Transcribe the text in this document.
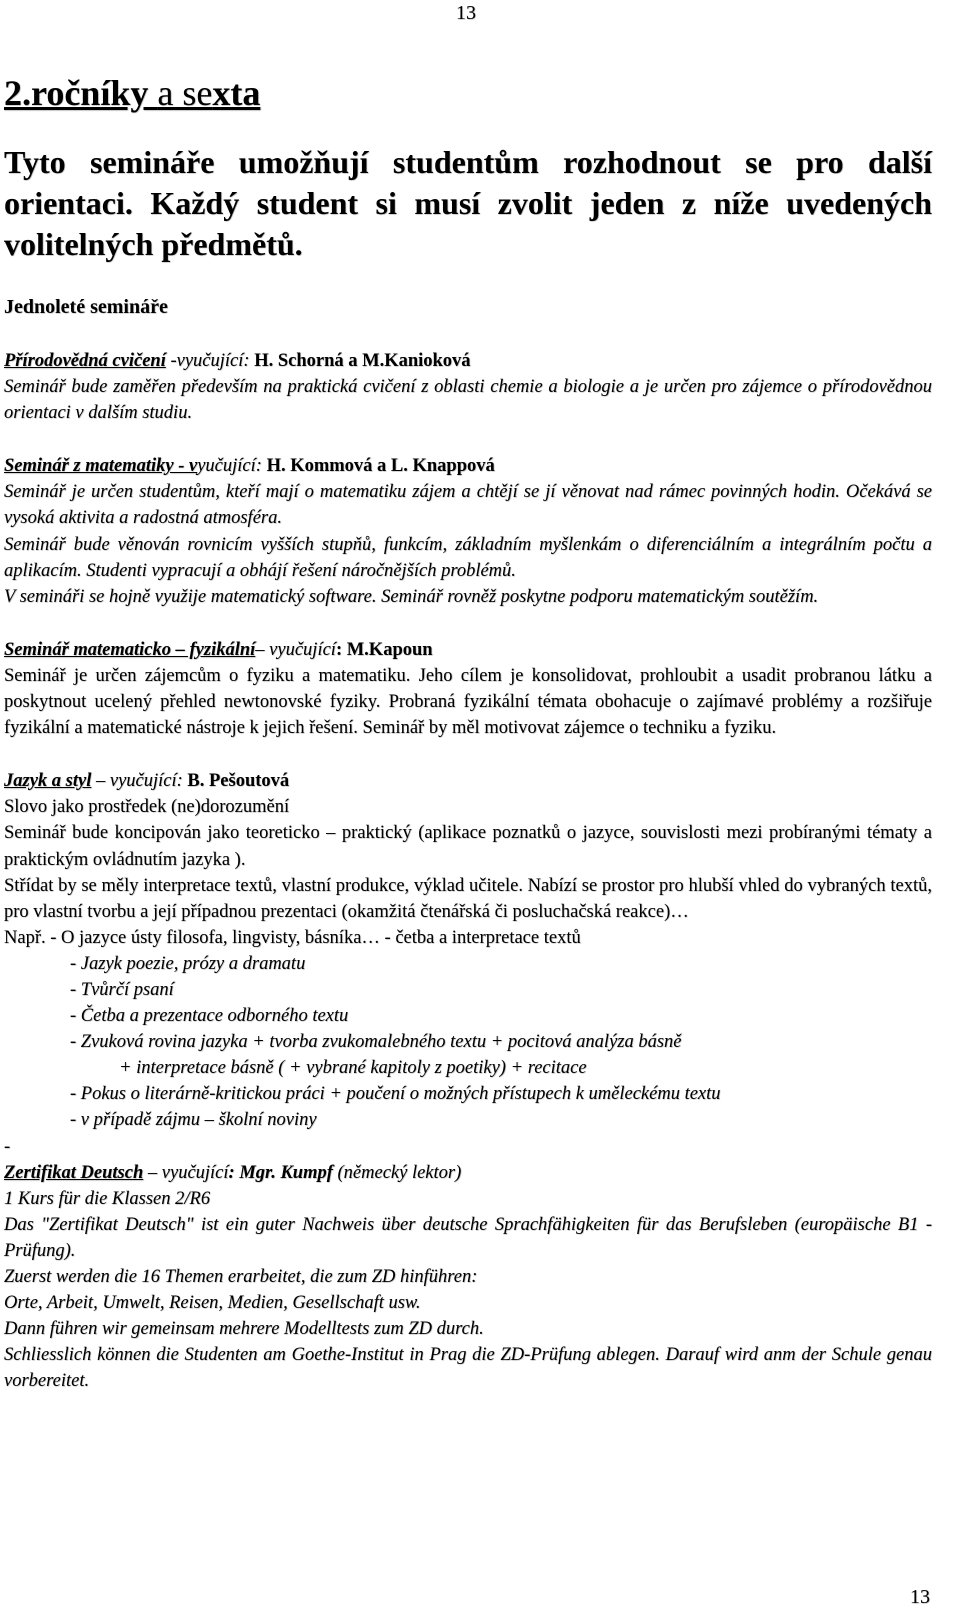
13
2.ročníky a sexta

Tyto semináře umožňují studentům rozhodnout se pro další orientaci. Každý student si musí zvolit jeden z níže uvedených volitelných předmětů.

Jednoleté semináře

Přírodovědná cvičení -vyučující: H. Schorná a M.Kanioková

Seminář bude zaměřen především na praktická cvičení z oblasti chemie a biologie a je určen pro zájemce o přírodovědnou orientaci v dalším studiu.

Seminář z matematiky - vyučující: H. Kommová a L. Knappová

Seminář je určen studentům, kteří mají o matematiku zájem a chtějí se jí věnovat nad rámec povinných hodin. Očekává se vysoká aktivita a radostná atmosféra.

Seminář bude věnován rovnicím vyšších stupňů, funkcím, základním myšlenkám o diferenciálním a integrálním počtu a aplikacím. Studenti vypracují a obhájí řešení náročnějších problémů.

V semináři se hojně využije matematický software. Seminář rovněž poskytne podporu matematickým soutěžím.

Seminář matematicko – fyzikální– vyučující: M.Kapoun

Seminář je určen zájemcům o fyziku a matematiku. Jeho cílem je konsolidovat, prohloubit a usadit probranou látku a poskytnout ucelený přehled newtonovské fyziky. Probraná fyzikální témata obohacuje o zajímavé problémy a rozšiřuje fyzikální a matematické nástroje k jejich řešení. Seminář by měl motivovat zájemce o techniku a fyziku.

Jazyk a styl – vyučující: B. Pešoutová

Slovo jako prostředek (ne)dorozumění

Seminář bude koncipován jako teoreticko – praktický (aplikace poznatků o jazyce, souvislosti mezi probíranými tématy a praktickým ovládnutím jazyka ).

Střídat by se měly interpretace textů, vlastní produkce, výklad učitele. Nabízí se prostor pro hlubší vhled do vybraných textů, pro vlastní tvorbu a její případnou prezentaci (okamžitá čtenářská či posluchačská reakce)…

Např. - O jazyce ústy filosofa, lingvisty, básníka… - četba a interpretace textů

- Jazyk poezie, prózy a dramatu

- Tvůrčí psaní

- Četba a prezentace odborného textu

- Zvuková rovina jazyka + tvorba zvukomalebného textu + pocitová analýza básně

+ interpretace básně ( + vybrané kapitoly z poetiky) + recitace

- Pokus o literárně-kritickou práci + poučení o možných přístupech k uměleckému textu

- v případě zájmu – školní noviny

-

Zertifikat Deutsch – vyučující: Mgr. Kumpf (německý lektor)

1 Kurs für die Klassen 2/R6

Das "Zertifikat Deutsch" ist ein guter Nachweis über deutsche Sprachfähigkeiten für das Berufsleben (europäische B1 - Prüfung).

Zuerst werden die 16 Themen erarbeitet, die zum ZD hinführen:

Orte, Arbeit, Umwelt, Reisen, Medien, Gesellschaft usw.

Dann führen wir gemeinsam mehrere Modelltests zum ZD durch.

Schliesslich können die Studenten am Goethe-Institut in Prag die ZD-Prüfung ablegen. Darauf wird anm der Schule genau vorbereitet.

13
